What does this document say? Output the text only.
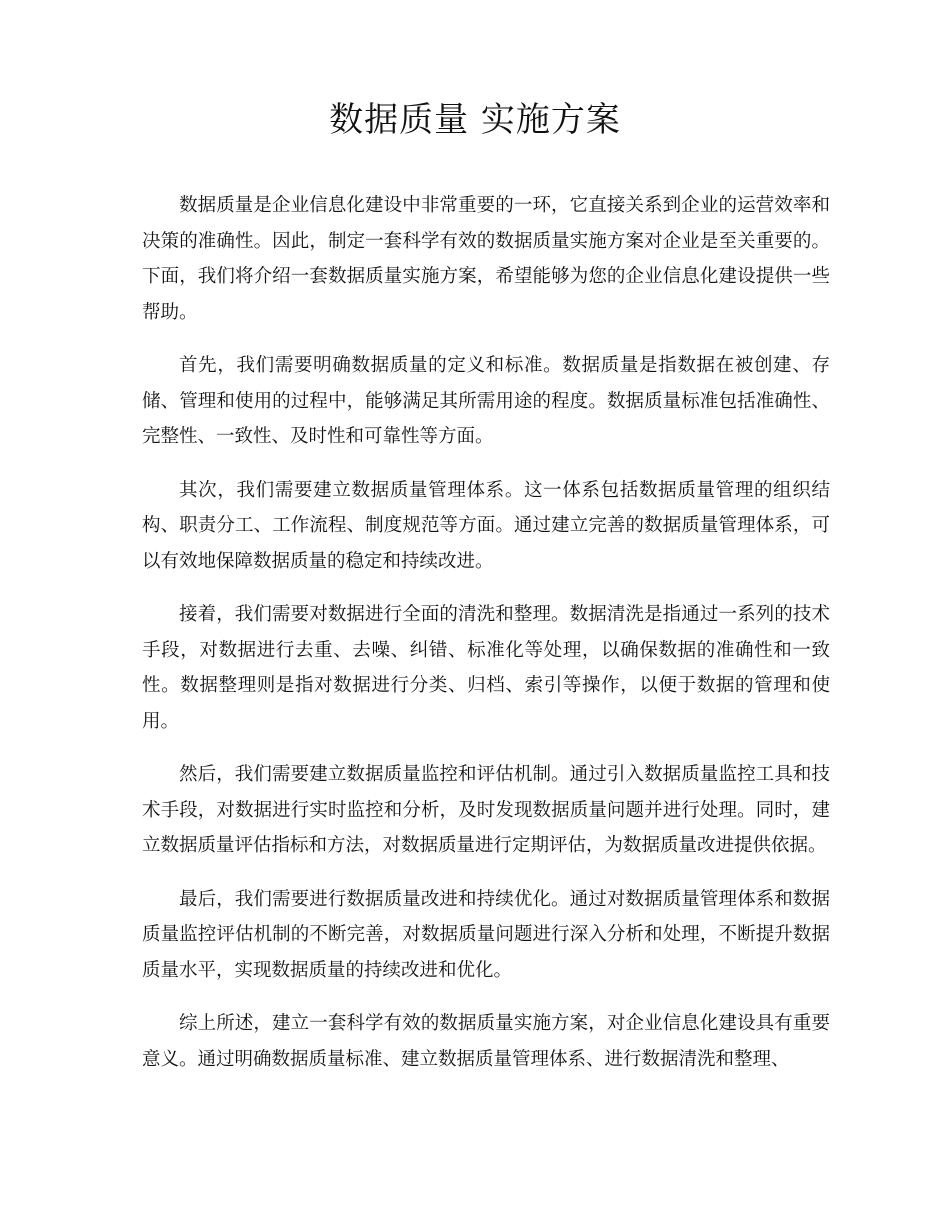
数据质量 实施方案

数据质量是企业信息化建设中非常重要的一环，它直接关系到企业的运营效率和决策的准确性。因此，制定一套科学有效的数据质量实施方案对企业是至关重要的。下面，我们将介绍一套数据质量实施方案，希望能够为您的企业信息化建设提供一些帮助。

首先，我们需要明确数据质量的定义和标准。数据质量是指数据在被创建、存储、管理和使用的过程中，能够满足其所需用途的程度。数据质量标准包括准确性、完整性、一致性、及时性和可靠性等方面。

其次，我们需要建立数据质量管理体系。这一体系包括数据质量管理的组织结构、职责分工、工作流程、制度规范等方面。通过建立完善的数据质量管理体系，可以有效地保障数据质量的稳定和持续改进。

接着，我们需要对数据进行全面的清洗和整理。数据清洗是指通过一系列的技术手段，对数据进行去重、去噪、纠错、标准化等处理，以确保数据的准确性和一致性。数据整理则是指对数据进行分类、归档、索引等操作，以便于数据的管理和使用。

然后，我们需要建立数据质量监控和评估机制。通过引入数据质量监控工具和技术手段，对数据进行实时监控和分析，及时发现数据质量问题并进行处理。同时，建立数据质量评估指标和方法，对数据质量进行定期评估，为数据质量改进提供依据。

最后，我们需要进行数据质量改进和持续优化。通过对数据质量管理体系和数据质量监控评估机制的不断完善，对数据质量问题进行深入分析和处理，不断提升数据质量水平，实现数据质量的持续改进和优化。

综上所述，建立一套科学有效的数据质量实施方案，对企业信息化建设具有重要意义。通过明确数据质量标准、建立数据质量管理体系、进行数据清洗和整理、
